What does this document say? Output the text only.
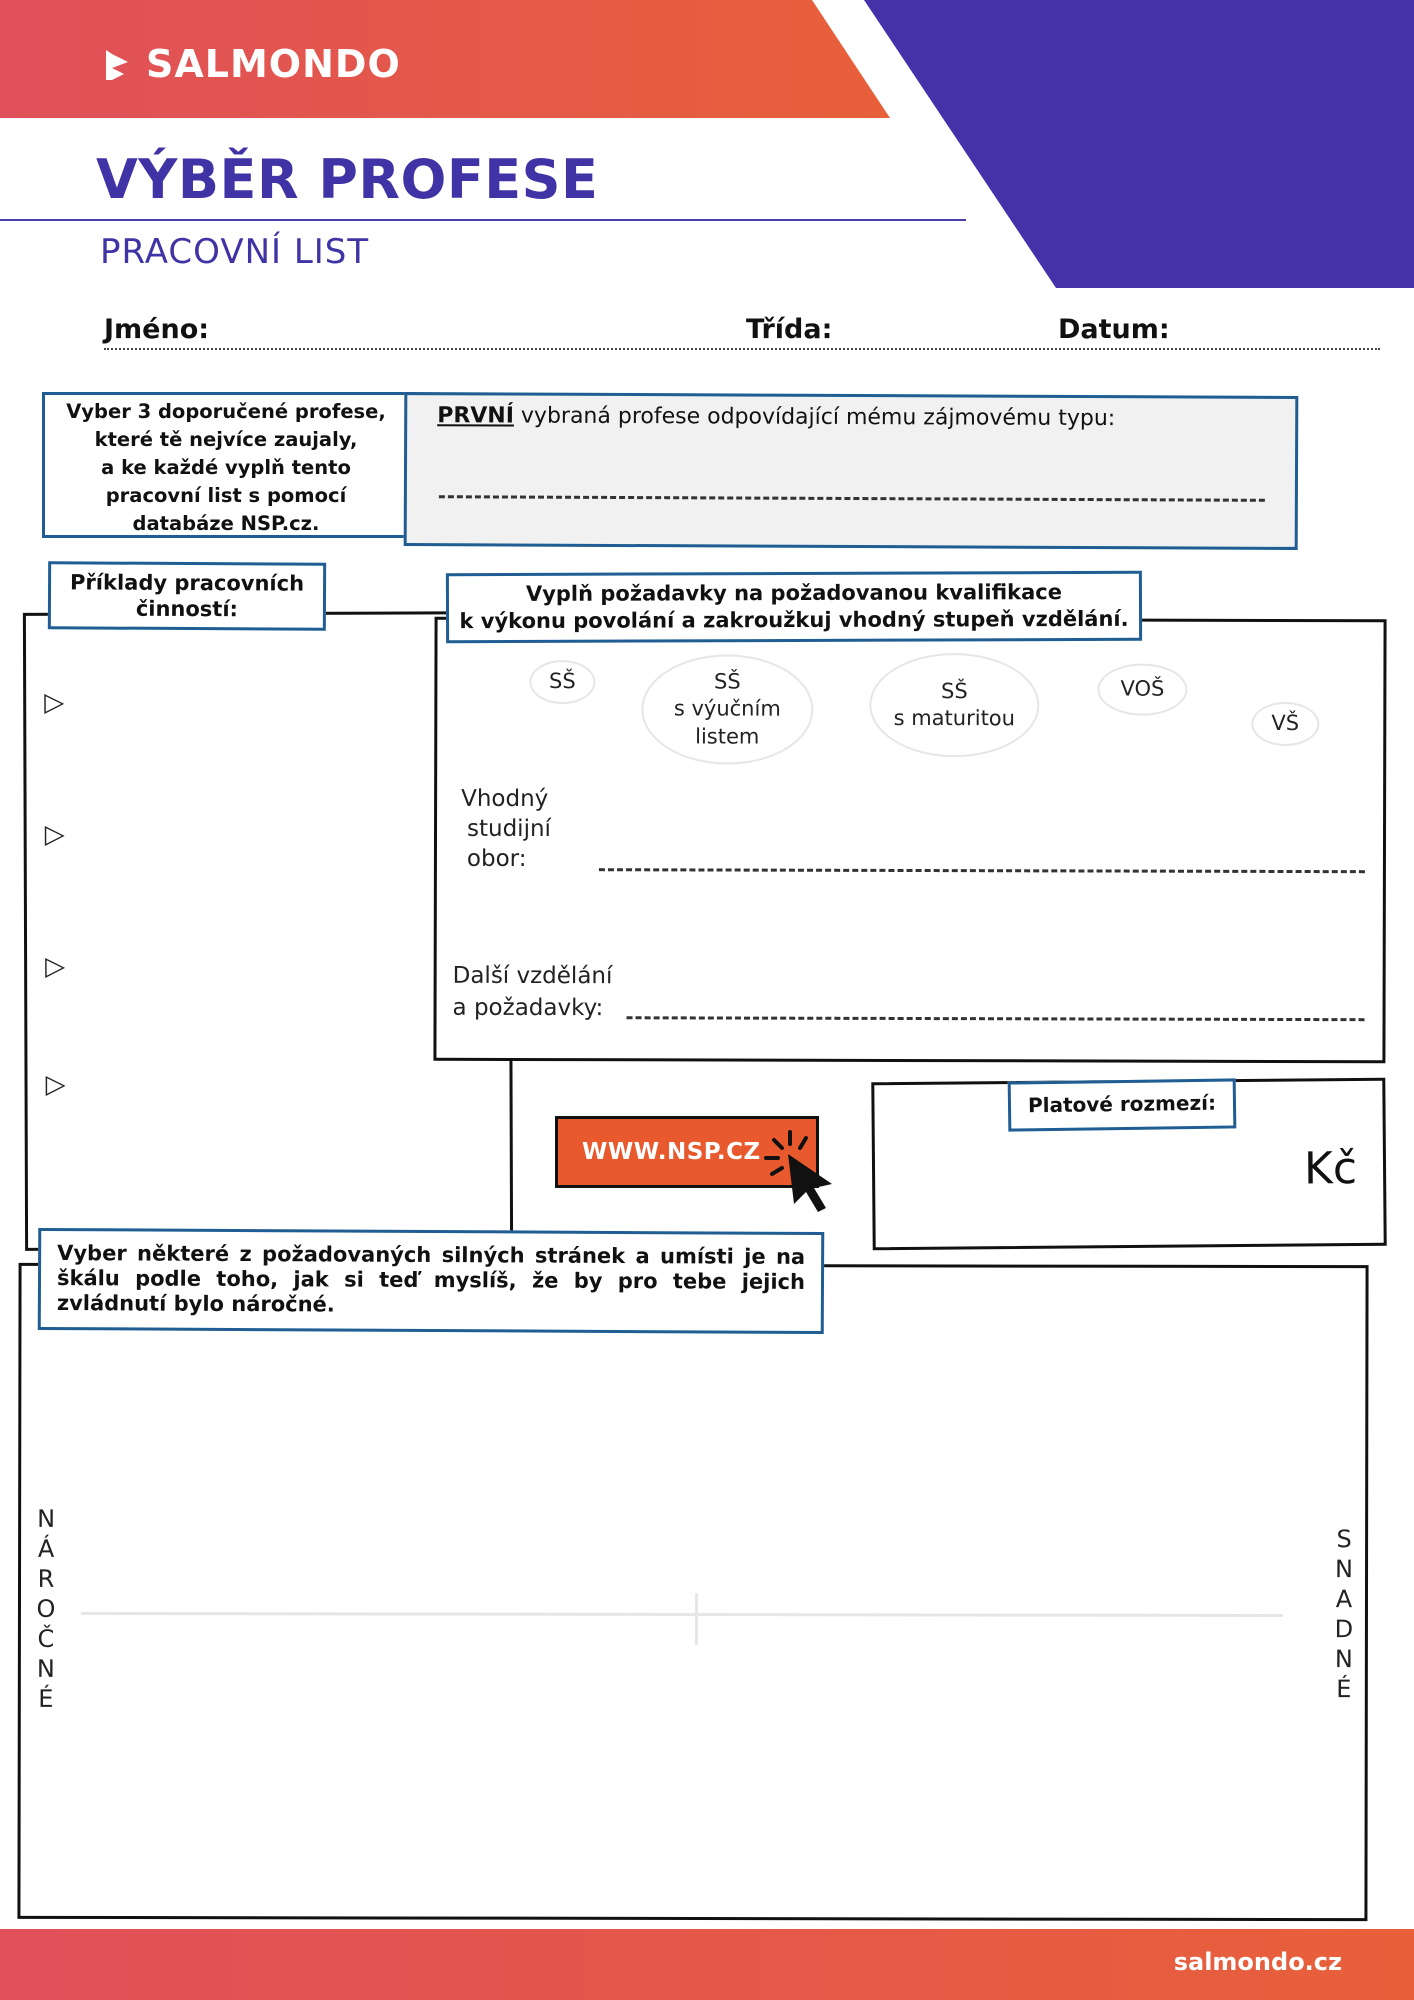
SALMONDO
VÝBĚR PROFESE
PRACOVNÍ LIST
Jméno:	Třída:	Datum:
Vyber 3 doporučené profese,
které tě nejvíce zaujaly,
a ke každé vyplň tento
pracovní list s pomocí
databáze NSP.cz.
PRVNÍ vybraná profese odpovídající mému zájmovému typu:
▷
▷
▷
▷
Příklady pracovních
činností:
SŠ	SŠ
s výučním
listem
SŠ
s maturitou
VOŠ
VŠ
Vhodný
studijní
obor:
Další vzdělání
a požadavky:
Vyplň požadavky na požadovanou kvalifikace
k výkonu povolání a zakroužkuj vhodný stupeň vzdělání.
WWW.NSP.CZ	Kč
Platové rozmezí:
NÁROČNÉ
SNADNÉ
Vyber některé z požadovaných silných stránek a umísti je na škálu podle toho, jak si teď myslíš, že by pro tebe jejich zvládnutí bylo náročné.
salmondo.cz
